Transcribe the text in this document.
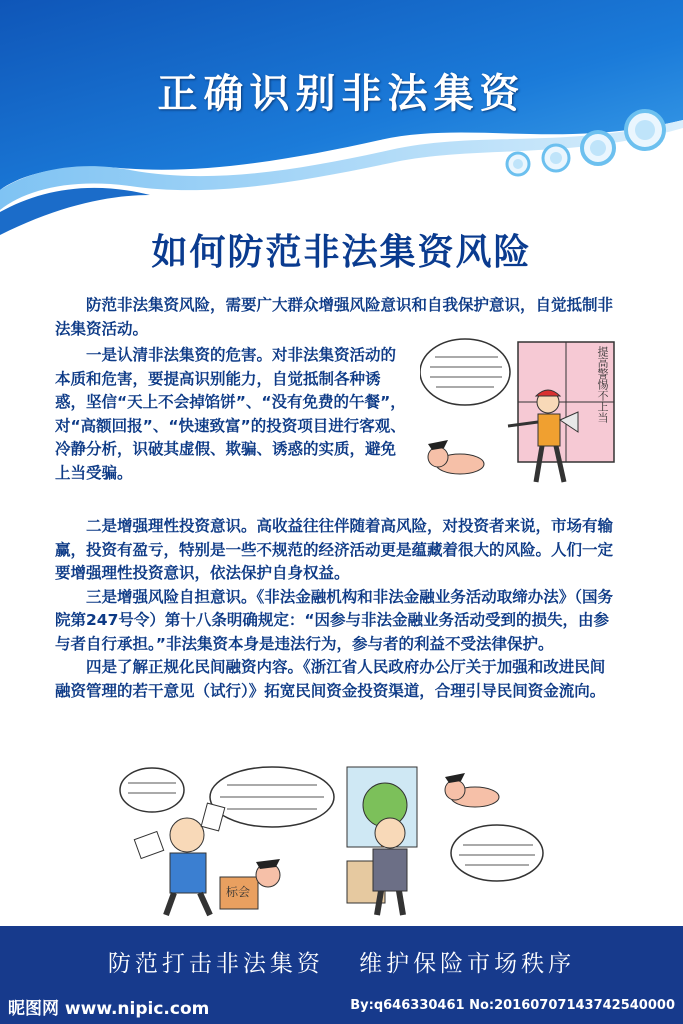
正确识别非法集资
如何防范非法集资风险

防范非法集资风险，需要广大群众增强风险意识和自我保护意识，自觉抵制非法集资活动。

一是认清非法集资的危害。对非法集资活动的本质和危害，要提高识别能力，自觉抵制各种诱惑，坚信“天上不会掉馅饼”、“没有免费的午餐”，对“高额回报”、“快速致富”的投资项目进行客观、冷静分析，识破其虚假、欺骗、诱惑的实质，避免上当受骗。

二是增强理性投资意识。高收益往往伴随着高风险，对投资者来说，市场有输赢，投资有盈亏，特别是一些不规范的经济活动更是蕴藏着很大的风险。人们一定要增强理性投资意识，依法保护自身权益。

三是增强风险自担意识。《非法金融机构和非法金融业务活动取缔办法》（国务院第247号令）第十八条明确规定：“因参与非法金融业务活动受到的损失，由参与者自行承担。”非法集资本身是违法行为，参与者的利益不受法律保护。

四是了解正规化民间融资内容。《浙江省人民政府办公厅关于加强和改进民间融资管理的若干意见（试行）》拓宽民间资金投资渠道，合理引导民间资金流向。

提高警惕不上当
标会
防范打击非法集资 维护保险市场秩序
昵图网 www.nipic.com	By:q646330461 No:20160707143742540000
